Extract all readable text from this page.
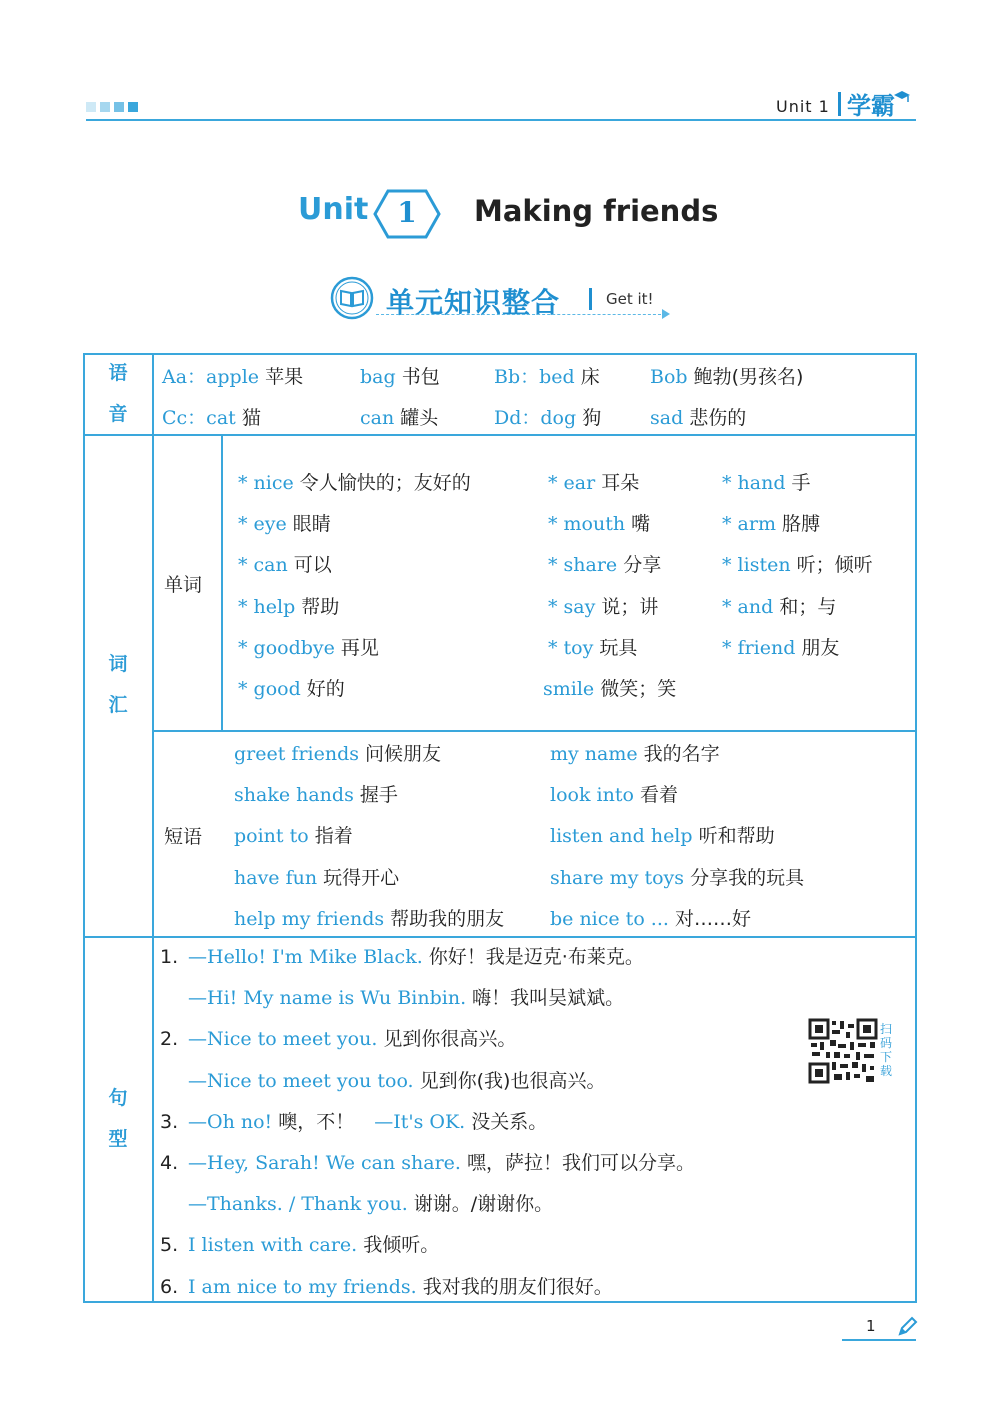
Unit 1 学霸
Unit	1	Making friends
单元知识整合	Get it!
语
音
Aa：apple 苹果	bag 书包	Bb：bed 床	Bob 鲍勃(男孩名)
Cc：cat 猫	can 罐头	Dd：dog 狗	sad 悲伤的
词
汇
单词
短语
* nice 令人愉快的；友好的	* ear 耳朵	* hand 手
* eye 眼睛	* mouth 嘴	* arm 胳膊
* can 可以	* share 分享	* listen 听；倾听
* help 帮助	* say 说；讲	* and 和；与
* goodbye 再见	* toy 玩具	* friend 朋友
* good 好的	smile 微笑；笑
greet friends 问候朋友	my name 我的名字
shake hands 握手	look into 看着
point to 指着	listen and help 听和帮助
have fun 玩得开心	share my toys 分享我的玩具
help my friends 帮助我的朋友 be nice to ... 对……好
句
型
1. —Hello! I'm Mike Black. 你好！我是迈克·布莱克。
—Hi! My name is Wu Binbin. 嗨！我叫吴斌斌。
2. —Nice to meet you. 见到你很高兴。
—Nice to meet you too. 见到你(我)也很高兴。
3. —Oh no! 噢，不！ —It's OK. 没关系。
4. —Hey, Sarah! We can share. 嘿，萨拉！我们可以分享。
—Thanks. / Thank you. 谢谢。/谢谢你。
5. I listen with care. 我倾听。
6. I am nice to my friends. 我对我的朋友们很好。
扫码下载
1
